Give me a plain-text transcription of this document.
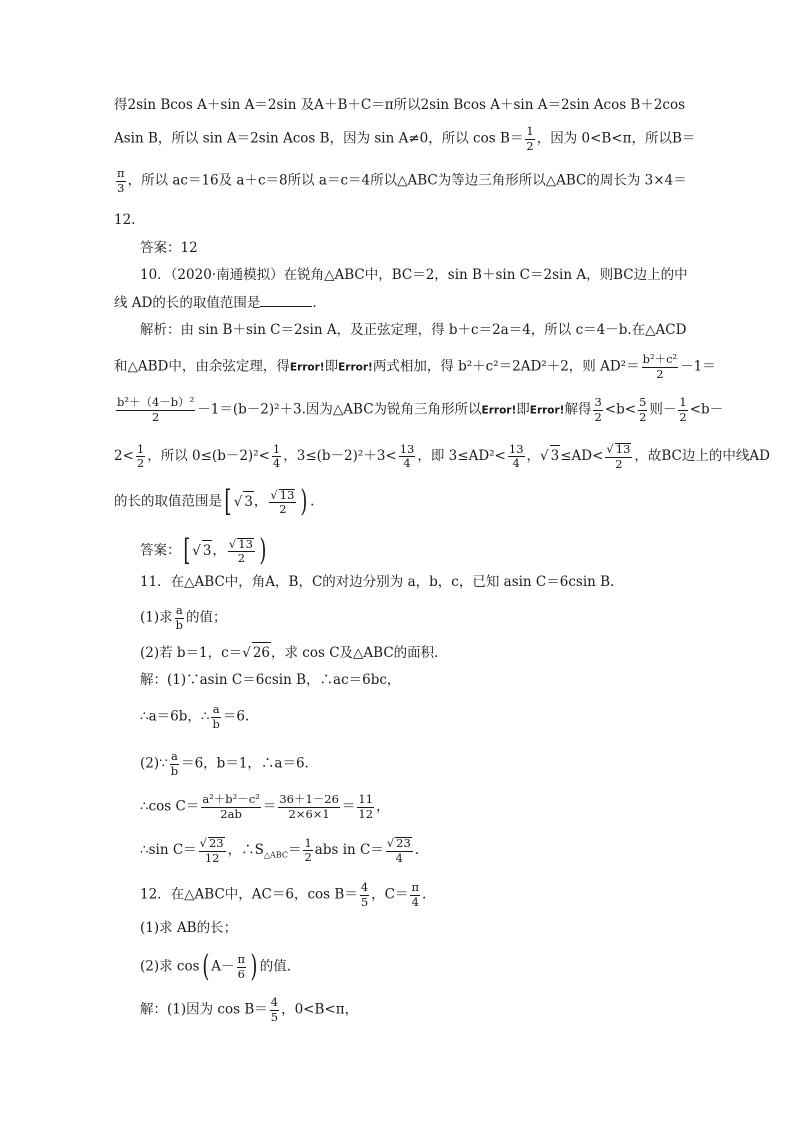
得2sin Bcos A＋sin A＝2sin 及A＋B＋C＝π所以2sin Bcos A＋sin A＝2sin Acos B＋2cos
Asin B，所以 sin A＝2sin Acos B，因为 sin A≠0，所以 $\cos B= \frac{1}{2}$ ，因为 0<B<π，所以B＝
$\frac{\pi}{3}$ ，所以 ac＝16及 a＋c＝8所以 a＝c＝4所以△ABC为等边三角形所以△ABC的周长为 3×4＝
12.
答案：12
10．（2020·南通模拟）在锐角△ABC中，BC＝2，sin B＋sin C＝2sin A，则BC边上的中
线 AD的长的取值范围是	.
解析：由 sin B＋sin C＝2sin A，及正弦定理，得 b＋c＝2a＝4，所以 c＝4－b.在△ACD
和△ABD中，由余弦定理，得Error!即Error!两式相加，得 b²＋c²＝2AD²＋2，则 $AD^2= \frac{\text{b²＋c²}}{2} -1=$
$\frac{\text{b²＋（4－b）²}}{2} -1=(b-2)^2+3$.因为△ABC为锐角三角形所以Error!即Error!解得 $\frac{3}{2} <b< \frac{5}{2}$ 则－ $\frac{1}{2} <b-$
$2< \frac{1}{2}$ ，所以 $0\le(b-2)^2< \frac{1}{4}$ ，$3\le(b-2)^2+3< \frac{13}{4}$ ，即 $3\le AD^2< \frac{13}{4}$ ， √ 3≤AD< √ $\frac{13}{2}$ ，故BC边上的中线AD
的长的取值范围是[ √ 3， √ $\frac{13}{2}$ ) .
答案：[ √ 3， √ $\frac{13}{2}$ )
11．在△ABC中，角A，B，C的对边分别为 a，b，c，已知 asin C＝6csin B.
(1)求 $\frac{a}{b}$ 的值；
(2)若 b＝1，c＝ √ 26，求 cos C及△ABC的面积．
解：(1)∵asin C＝6csin B，∴ac＝6bc，
∴a＝6b，∴ $\frac{a}{b} =6$.
(2)∵ $\frac{a}{b} =6$，b＝1，∴a＝6.
∴cos $C= \frac{\text{a²＋b²－c²}}{2ab} = \frac{36+1-26}{2\times 6\times 1} = \frac{11}{12}$ ，
∴sin C＝ √ $\frac{23}{12}$ ，$\therefore S_{\triangle ABC}= \frac{1}{2}$ abs in C＝ √ $\frac{23}{4}$ .
12．在△ABC中，AC＝6，$\cos B= \frac{4}{5}$ ，$C= \frac{\pi}{4}$ .
(1)求 AB的长；
(2)求 cos( $A- \frac{\pi}{6}$ ) 的值．
解：(1)因为 $\cos B= \frac{4}{5}$ ，0<B<π，
